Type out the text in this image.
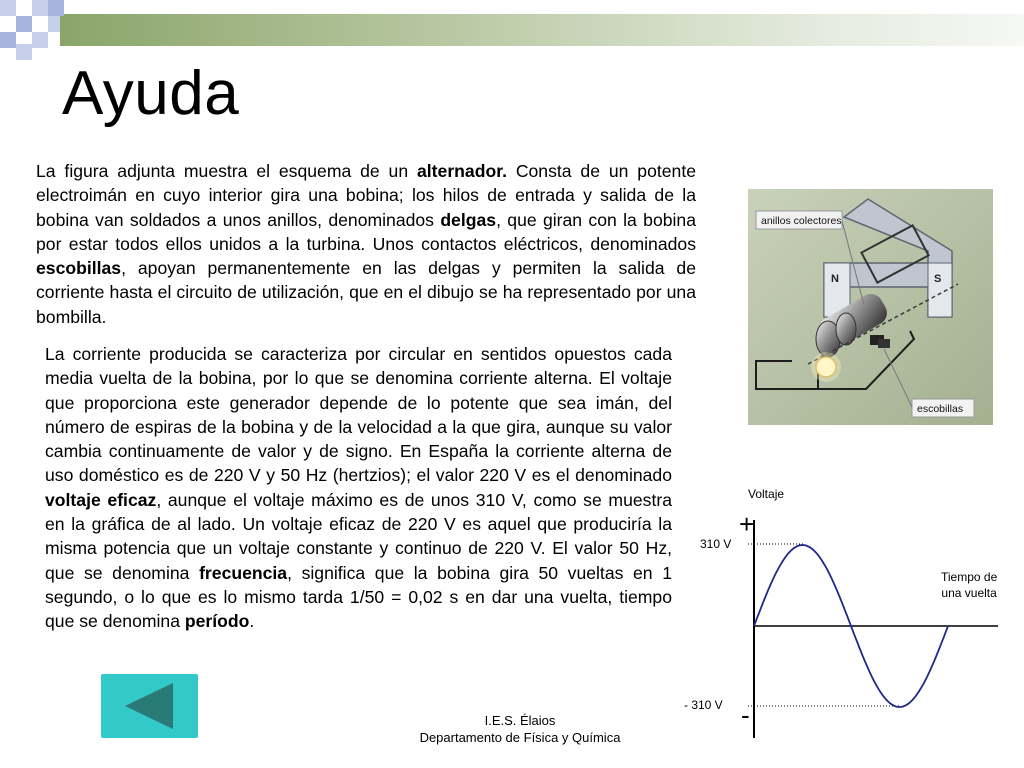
Ayuda

La figura adjunta muestra el esquema de un alternador. Consta de un potente electroimán en cuyo interior gira una bobina; los hilos de entrada y salida de la bobina van soldados a unos anillos, denominados delgas, que giran con la bobina por estar todos ellos unidos a la turbina. Unos contactos eléctricos, denominados escobillas, apoyan permanentemente en las delgas y permiten la salida de corriente hasta el circuito de utilización, que en el dibujo se ha representado por una bombilla.

La corriente producida se caracteriza por circular en sentidos opuestos cada media vuelta de la bobina, por lo que se denomina corriente alterna. El voltaje que proporciona este generador depende de lo potente que sea imán, del número de espiras de la bobina y de la velocidad a la que gira, aunque su valor cambia continuamente de valor y de signo. En España la corriente alterna de uso doméstico es de 220 V y 50 Hz (hertzios); el valor 220 V es el denominado voltaje eficaz, aunque el voltaje máximo es de unos 310 V, como se muestra en la gráfica de al lado. Un voltaje eficaz de 220 V es aquel que produciría la misma potencia que un voltaje constante y continuo de 220 V. El valor 50 Hz, que se denomina frecuencia, significa que la bobina gira 50 vueltas en 1 segundo, o lo que es lo mismo tarda 1/50 = 0,02 s en dar una vuelta, tiempo que se denomina período.

N	S
anillos colectores
escobillas
Voltaje
310 V
- 310 V
Tiempo de
una vuelta
+
-
I.E.S. Élaios
Departamento de Física y Química
